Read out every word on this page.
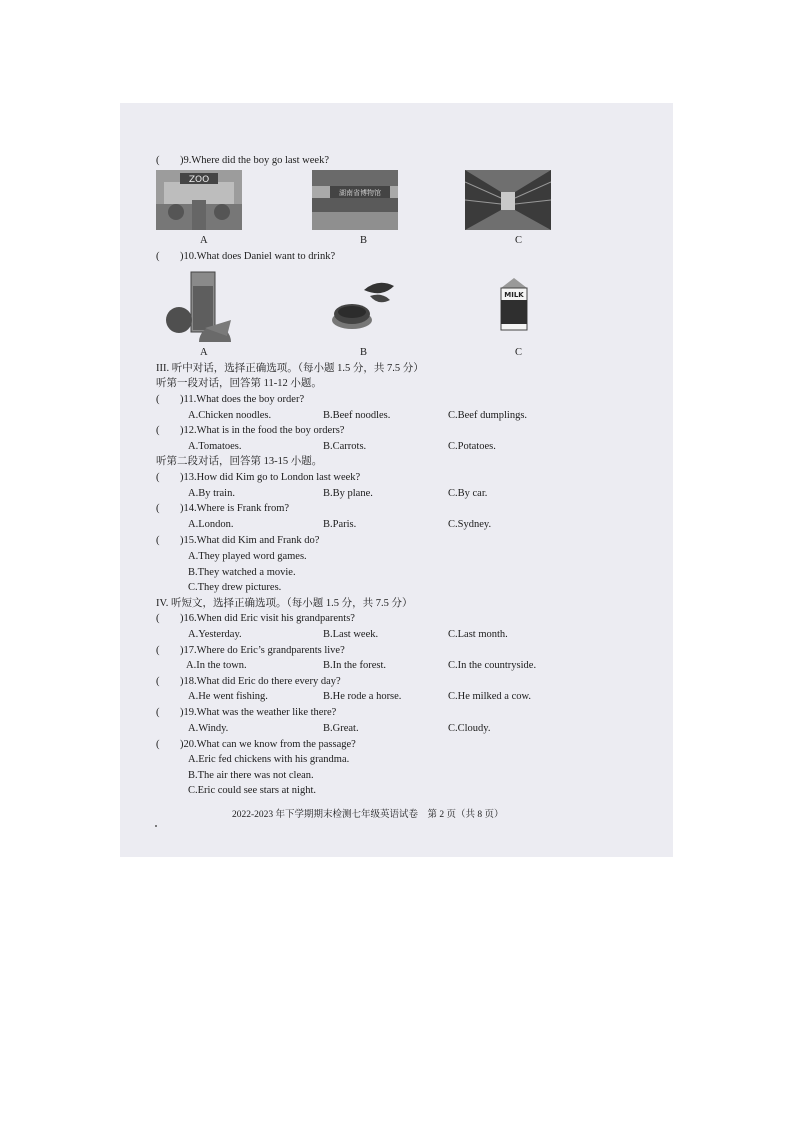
( )9.Where did the boy go last week?
ZOO
湖南省博物馆
A	B	C
( )10.What does Daniel want to drink?
MILK
A	B	C
III. 听中对话，选择正确选项。（每小题 1.5 分，共 7.5 分）
听第一段对话，回答第 11-12 小题。
( )11.What does the boy order?
A.Chicken noodles.	B.Beef noodles.	C.Beef dumplings.
( )12.What is in the food the boy orders?
A.Tomatoes.	B.Carrots.	C.Potatoes.
听第二段对话，回答第 13-15 小题。
( )13.How did Kim go to London last week?
A.By train.	B.By plane.	C.By car.
( )14.Where is Frank from?
A.London.	B.Paris.	C.Sydney.
( )15.What did Kim and Frank do?
A.They played word games.
B.They watched a movie.
C.They drew pictures.
IV. 听短文，选择正确选项。（每小题 1.5 分，共 7.5 分）
( )16.When did Eric visit his grandparents?
A.Yesterday.	B.Last week.	C.Last month.
( )17.Where do Eric’s grandparents live?
A.In the town.	B.In the forest.	C.In the countryside.
( )18.What did Eric do there every day?
A.He went fishing.	B.He rode a horse.	C.He milked a cow.
( )19.What was the weather like there?
A.Windy.	B.Great.	C.Cloudy.
( )20.What can we know from the passage?
A.Eric fed chickens with his grandma.
B.The air there was not clean.
C.Eric could see stars at night.
2022-2023 年下学期期末检测七年级英语试卷　第 2 页（共 8 页）
